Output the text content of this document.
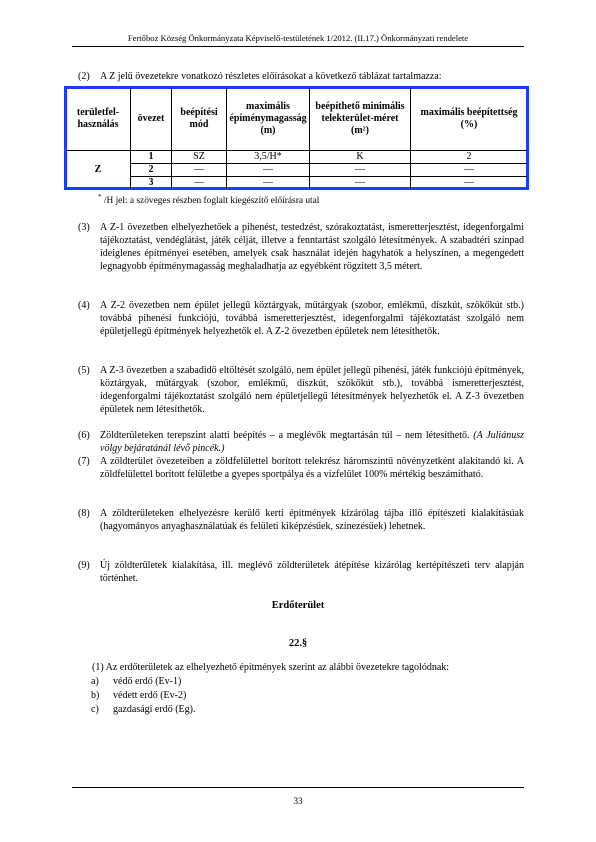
Fertőboz Község Önkormányzata Képviselő-testületének 1/2012. (II.17.) Önkormányzati rendelete
(2) A Z jelű övezetekre vonatkozó részletes előírásokat a következő táblázat tartalmazza:
területfel-használás	övezet	beépítési mód	maximális épíménymagasság (m)	beépíthető minimális telekterület-méret (m²)	maximális beépítettség (%)
Z	1	SZ	3,5/H*	K	2
	2	—	—	—	—
	3	—	—	—	—
* /H jel: a szöveges részben foglalt kiegészítő előírásra utal
(3) A Z-1 övezetben elhelyezhetőek a pihenést, testedzést, szórakoztatást, ismeretterjesztést, idegenforgalmi tájékoztatást, vendéglátást, játék célját, illetve a fenntartást szolgáló létesítmények. A szabadtéri színpad ideiglenes építményei esetében, amelyek csak használat idején hagyhatók a helyszínen, a megengedett legnagyobb építménymagasság meghaladhatja az egyébként rögzített 3,5 métert.
(4) A Z-2 övezetben nem épület jellegű köztárgyak, műtárgyak (szobor, emlékmű, díszkút, szökőkút stb.) továbbá pihenési funkciójú, továbbá ismeretterjesztést, idegenforgalmi tájékoztatást szolgáló nem épületjellegű építmények helyezhetők el. A Z-2 övezetben épületek nem létesíthetők.
(5) A Z-3 övezetben a szabadidő eltöltését szolgáló, nem épület jellegű pihenési, játék funkciójú építmények, köztárgyak, műtárgyak (szobor, emlékmű, díszkút, szökőkút stb.), továbbá ismeretterjesztést, idegenforgalmi tájékoztatást szolgáló nem épületjellegű létesítmények helyezhetők el. A Z-3 övezetben épületek nem létesíthetők.
(6) Zöldterületeken terepszint alatti beépítés – a meglévők megtartásán túl – nem létesíthető. (A Juliánusz völgy bejáratánál lévő pincék.)
(7) A zöldterület övezeteiben a zöldfelülettel borított telekrész háromszintű növényzetként alakítandó ki. A zöldfelülettel borított felületbe a gyepes sportpálya és a vízfelület 100% mértékig beszámítható.
(8) A zöldterületeken elhelyezésre kerülő kerti építmények kizárólag tájba illő építészeti kialakításúak (hagyományos anyaghasználatúak és felületi kiképzésűek, színezésűek) lehetnek.
(9) Új zöldterületek kialakítása, ill. meglévő zöldterületek átépítése kizárólag kertépítészeti terv alapján történhet.
Erdőterület
22.§
(1) Az erdőterületek az elhelyezhető építmények szerint az alábbi övezetekre tagolódnak:
a) védő erdő (Ev-1)
b) védett erdő (Ev-2)
c) gazdasági erdő (Eg).
33
